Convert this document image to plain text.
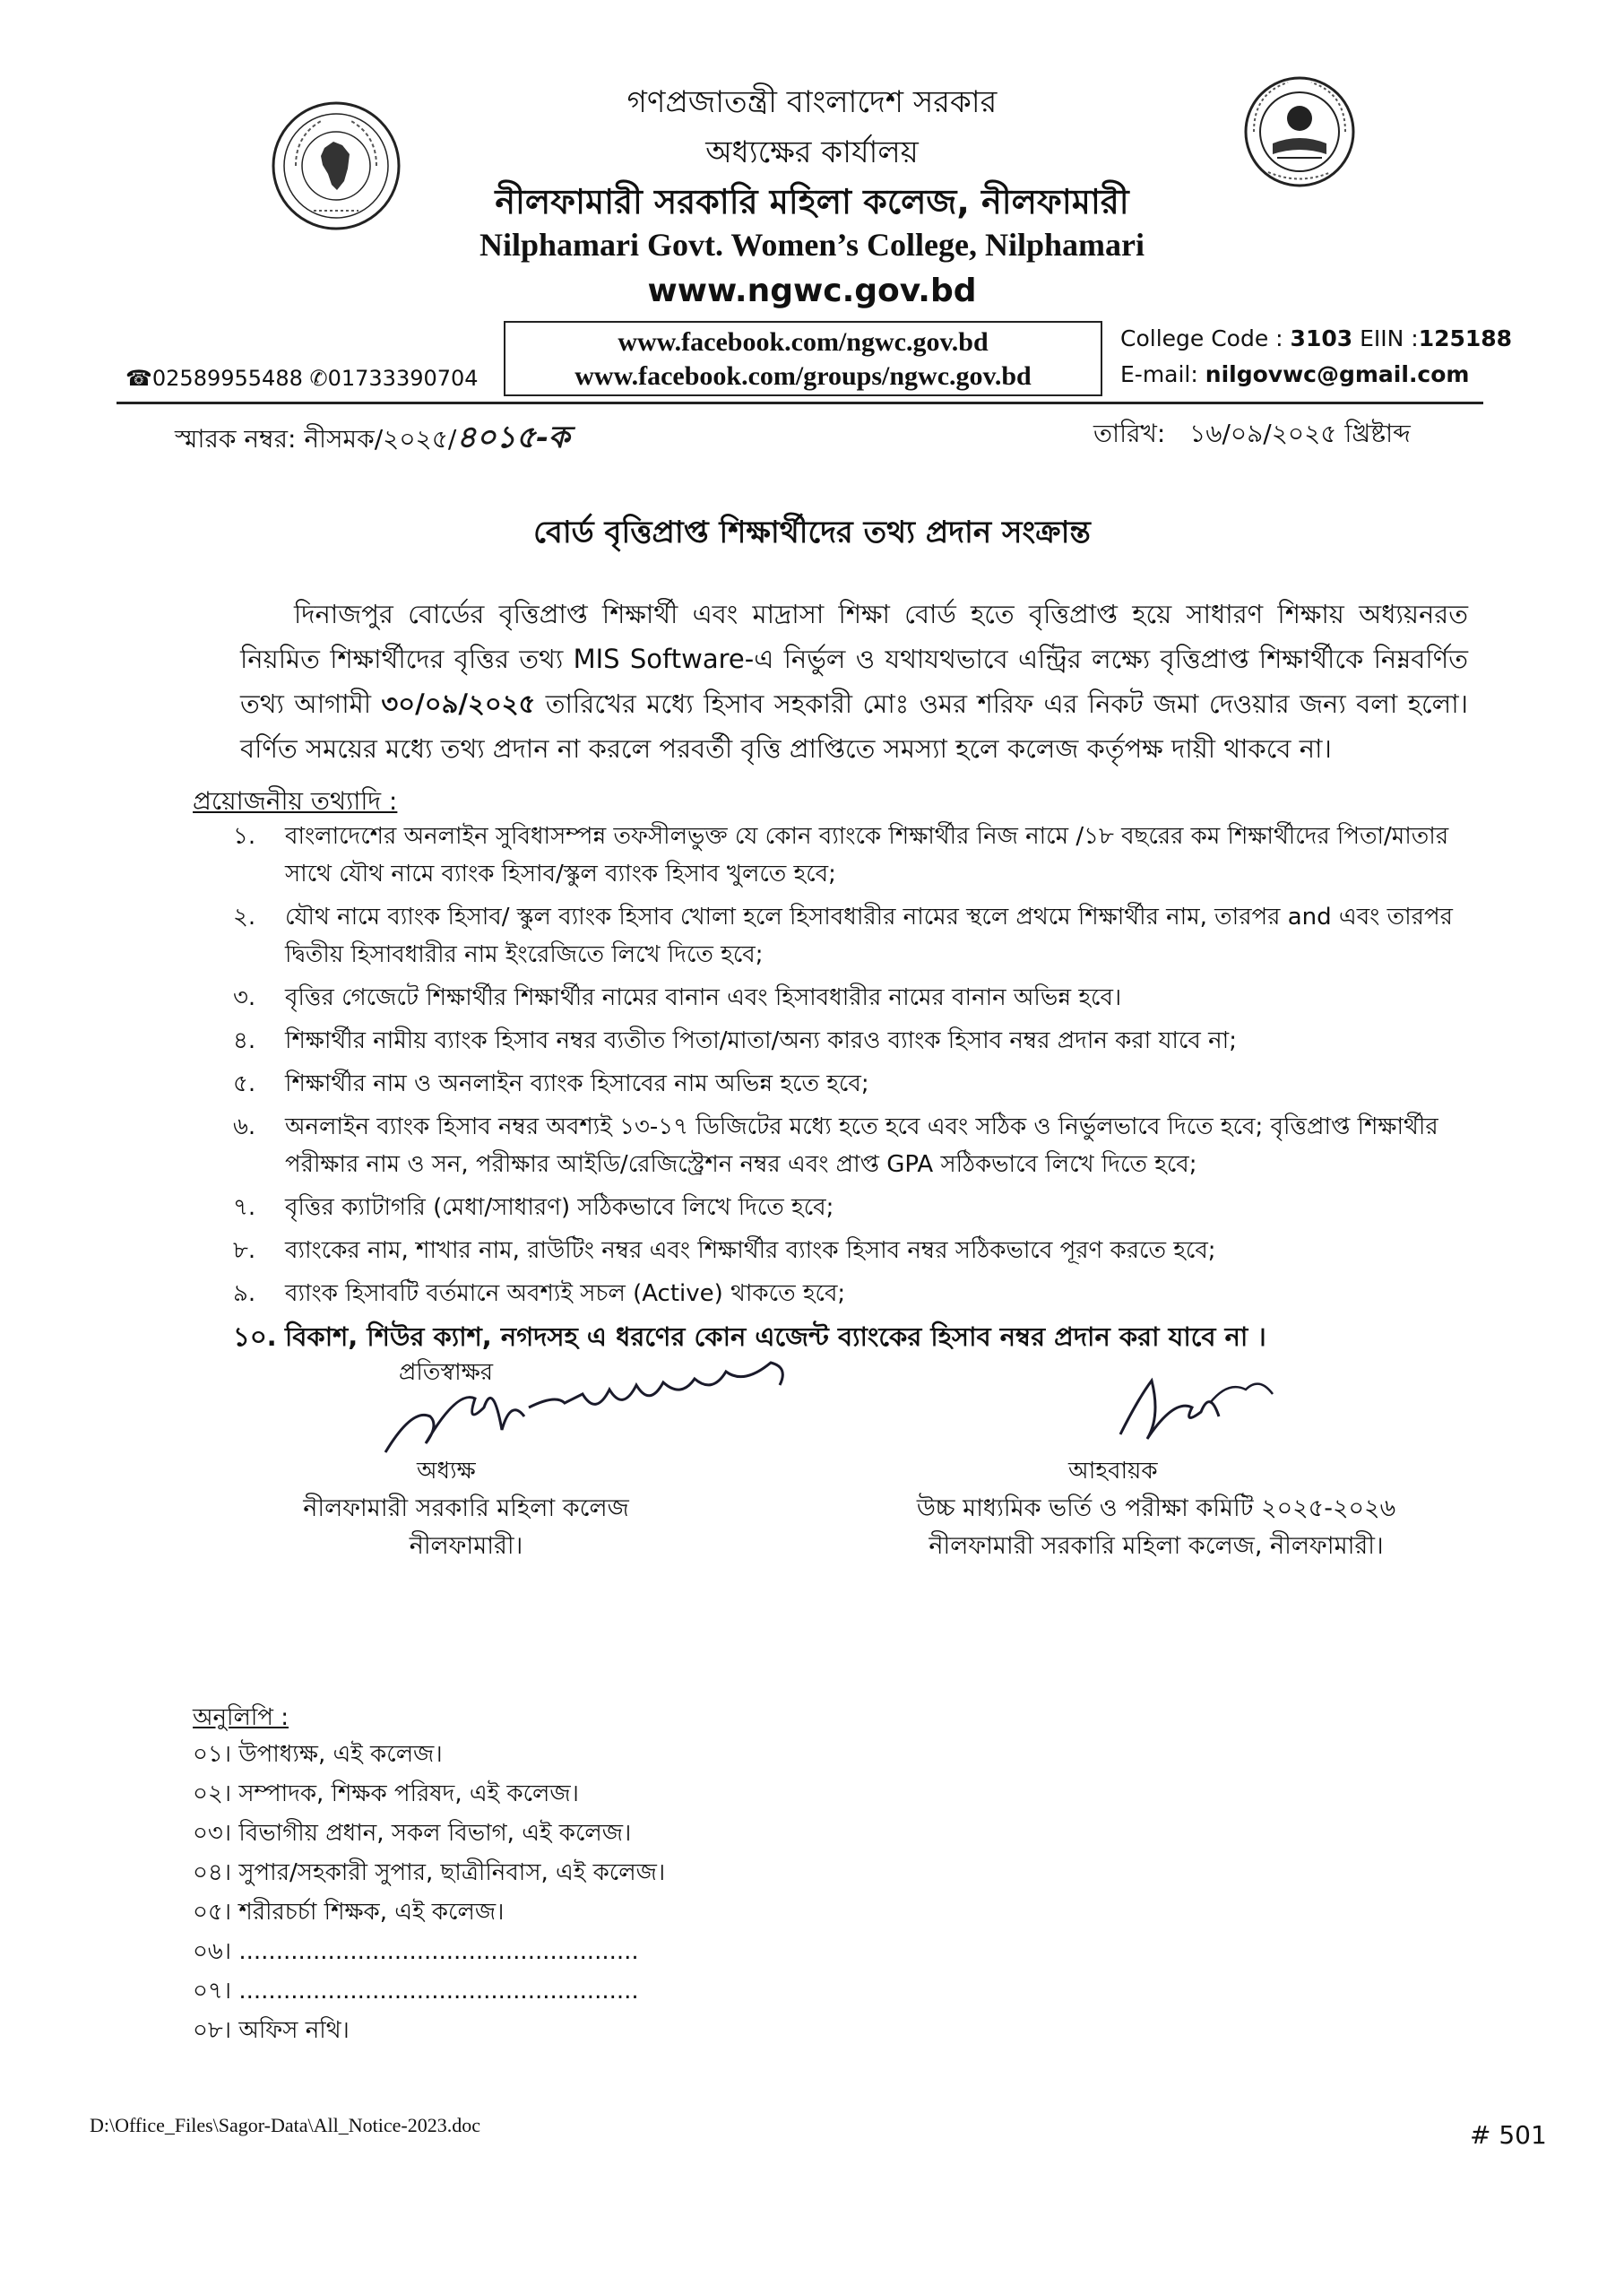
গণপ্রজাতন্ত্রী বাংলাদেশ সরকার
অধ্যক্ষের কার্যালয়
নীলফামারী সরকারি মহিলা কলেজ, নীলফামারী
Nilphamari Govt. Women’s College, Nilphamari
www.ngwc.gov.bd
www.facebook.com/ngwc.gov.bd
www.facebook.com/groups/ngwc.gov.bd
☎02589955488 ✆01733390704
College Code : 3103 EIIN :125188
E-mail: nilgovwc@gmail.com
স্মারক নম্বর: নীসমক/২০২৫/৪০১৫-ক	তারিখ: ১৬/০৯/২০২৫ খ্রিষ্টাব্দ
বোর্ড বৃত্তিপ্রাপ্ত শিক্ষার্থীদের তথ্য প্রদান সংক্রান্ত
দিনাজপুর বোর্ডের বৃত্তিপ্রাপ্ত শিক্ষার্থী এবং মাদ্রাসা শিক্ষা বোর্ড হতে বৃত্তিপ্রাপ্ত হয়ে সাধারণ শিক্ষায় অধ্যয়নরত নিয়মিত শিক্ষার্থীদের বৃত্তির তথ্য MIS Software-এ নির্ভুল ও যথাযথভাবে এন্ট্রির লক্ষ্যে বৃত্তিপ্রাপ্ত শিক্ষার্থীকে নিম্নবর্ণিত তথ্য আগামী ৩০/০৯/২০২৫ তারিখের মধ্যে হিসাব সহকারী মোঃ ওমর শরিফ এর নিকট জমা দেওয়ার জন্য বলা হলো। বর্ণিত সময়ের মধ্যে তথ্য প্রদান না করলে পরবর্তী বৃত্তি প্রাপ্তিতে সমস্যা হলে কলেজ কর্তৃপক্ষ দায়ী থাকবে না।
প্রয়োজনীয় তথ্যাদি :
১.	বাংলাদেশের অনলাইন সুবিধাসম্পন্ন তফসীলভুক্ত যে কোন ব্যাংকে শিক্ষার্থীর নিজ নামে /১৮ বছরের কম শিক্ষার্থীদের পিতা/মাতার সাথে যৌথ নামে ব্যাংক হিসাব/স্কুল ব্যাংক হিসাব খুলতে হবে;
২.	যৌথ নামে ব্যাংক হিসাব/ স্কুল ব্যাংক হিসাব খোলা হলে হিসাবধারীর নামের স্থলে প্রথমে শিক্ষার্থীর নাম, তারপর and এবং তারপর দ্বিতীয় হিসাবধারীর নাম ইংরেজিতে লিখে দিতে হবে;
৩.	বৃত্তির গেজেটে শিক্ষার্থীর শিক্ষার্থীর নামের বানান এবং হিসাবধারীর নামের বানান অভিন্ন হবে।
৪.	শিক্ষার্থীর নামীয় ব্যাংক হিসাব নম্বর ব্যতীত পিতা/মাতা/অন্য কারও ব্যাংক হিসাব নম্বর প্রদান করা যাবে না;
৫.	শিক্ষার্থীর নাম ও অনলাইন ব্যাংক হিসাবের নাম অভিন্ন হতে হবে;
৬.	অনলাইন ব্যাংক হিসাব নম্বর অবশ্যই ১৩-১৭ ডিজিটের মধ্যে হতে হবে এবং সঠিক ও নির্ভুলভাবে দিতে হবে; বৃত্তিপ্রাপ্ত শিক্ষার্থীর পরীক্ষার নাম ও সন, পরীক্ষার আইডি/রেজিস্ট্রেশন নম্বর এবং প্রাপ্ত GPA সঠিকভাবে লিখে দিতে হবে;
৭.	বৃত্তির ক্যাটাগরি (মেধা/সাধারণ) সঠিকভাবে লিখে দিতে হবে;
৮.	ব্যাংকের নাম, শাখার নাম, রাউটিং নম্বর এবং শিক্ষার্থীর ব্যাংক হিসাব নম্বর সঠিকভাবে পূরণ করতে হবে;
৯.	ব্যাংক হিসাবটি বর্তমানে অবশ্যই সচল (Active) থাকতে হবে;
১০. বিকাশ, শিউর ক্যাশ, নগদসহ এ ধরণের কোন এজেন্ট ব্যাংকের হিসাব নম্বর প্রদান করা যাবে না ।
প্রতিস্বাক্ষর
অধ্যক্ষ
নীলফামারী সরকারি মহিলা কলেজ
নীলফামারী।
আহবায়ক
উচ্চ মাধ্যমিক ভর্তি ও পরীক্ষা কমিটি ২০২৫-২০২৬
নীলফামারী সরকারি মহিলা কলেজ, নীলফামারী।
অনুলিপি :
০১। উপাধ্যক্ষ, এই কলেজ।
০২। সম্পাদক, শিক্ষক পরিষদ, এই কলেজ।
০৩। বিভাগীয় প্রধান, সকল বিভাগ, এই কলেজ।
০৪। সুপার/সহকারী সুপার, ছাত্রীনিবাস, এই কলেজ।
০৫। শরীরচর্চা শিক্ষক, এই কলেজ।
০৬। ......................................................
০৭। ......................................................
০৮। অফিস নথি।
D:\Office_Files\Sagor-Data\All_Notice-2023.doc	# 501
